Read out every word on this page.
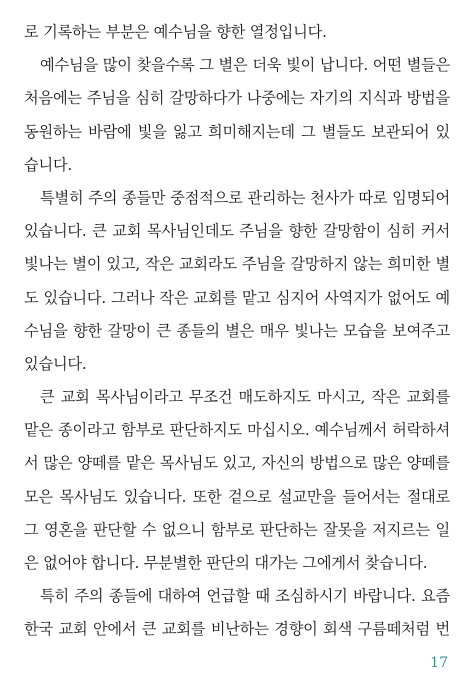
로 기록하는 부분은 예수님을 향한 열정입니다.
예수님을 많이 찾을수록 그 별은 더욱 빛이 납니다. 어떤 별들은
처음에는 주님을 심히 갈망하다가 나중에는 자기의 지식과 방법을
동원하는 바람에 빛을 잃고 희미해지는데 그 별들도 보관되어 있
습니다.
특별히 주의 종들만 중점적으로 관리하는 천사가 따로 임명되어
있습니다. 큰 교회 목사님인데도 주님을 향한 갈망함이 심히 커서
빛나는 별이 있고, 작은 교회라도 주님을 갈망하지 않는 희미한 별
도 있습니다. 그러나 작은 교회를 맡고 심지어 사역지가 없어도 예
수님을 향한 갈망이 큰 종들의 별은 매우 빛나는 모습을 보여주고
있습니다.
큰 교회 목사님이라고 무조건 매도하지도 마시고, 작은 교회를
맡은 종이라고 함부로 판단하지도 마십시오. 예수님께서 허락하셔
서 많은 양떼를 맡은 목사님도 있고, 자신의 방법으로 많은 양떼를
모은 목사님도 있습니다. 또한 겉으로 설교만을 들어서는 절대로
그 영혼을 판단할 수 없으니 함부로 판단하는 잘못을 저지르는 일
은 없어야 합니다. 무분별한 판단의 대가는 그에게서 찾습니다.
특히 주의 종들에 대하여 언급할 때 조심하시기 바랍니다. 요즘
한국 교회 안에서 큰 교회를 비난하는 경향이 회색 구름떼처럼 번
17
